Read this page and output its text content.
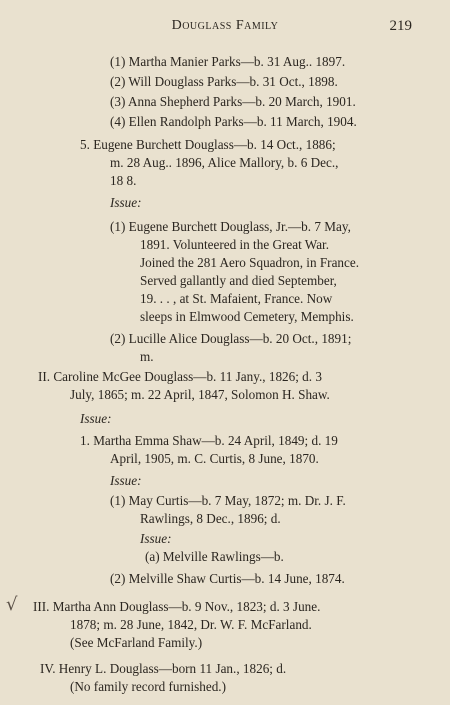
Douglass Family	219
√
(1) Martha Manier Parks—b. 31 Aug.. 1897.
(2) Will Douglass Parks—b. 31 Oct., 1898.
(3) Anna Shepherd Parks—b. 20 March, 1901.
(4) Ellen Randolph Parks—b. 11 March, 1904.
5. Eugene Burchett Douglass—b. 14 Oct., 1886;
m. 28 Aug.. 1896, Alice Mallory, b. 6 Dec.,
18 8.
Issue:
(1) Eugene Burchett Douglass, Jr.—b. 7 May,
1891. Volunteered in the Great War.
Joined the 281 Aero Squadron, in France.
Served gallantly and died September,
19. . . , at St. Mafaient, France. Now
sleeps in Elmwood Cemetery, Memphis.
(2) Lucille Alice Douglass—b. 20 Oct., 1891;
m.
II. Caroline McGee Douglass—b. 11 Jany., 1826; d. 3
July, 1865; m. 22 April, 1847, Solomon H. Shaw.
Issue:
1. Martha Emma Shaw—b. 24 April, 1849; d. 19
April, 1905, m. C. Curtis, 8 June, 1870.
Issue:
(1) May Curtis—b. 7 May, 1872; m. Dr. J. F.
Rawlings, 8 Dec., 1896; d.
Issue:
(a) Melville Rawlings—b.
(2) Melville Shaw Curtis—b. 14 June, 1874.
III. Martha Ann Douglass—b. 9 Nov., 1823; d. 3 June.
1878; m. 28 June, 1842, Dr. W. F. McFarland.
(See McFarland Family.)
IV. Henry L. Douglass—born 11 Jan., 1826; d.
(No family record furnished.)
